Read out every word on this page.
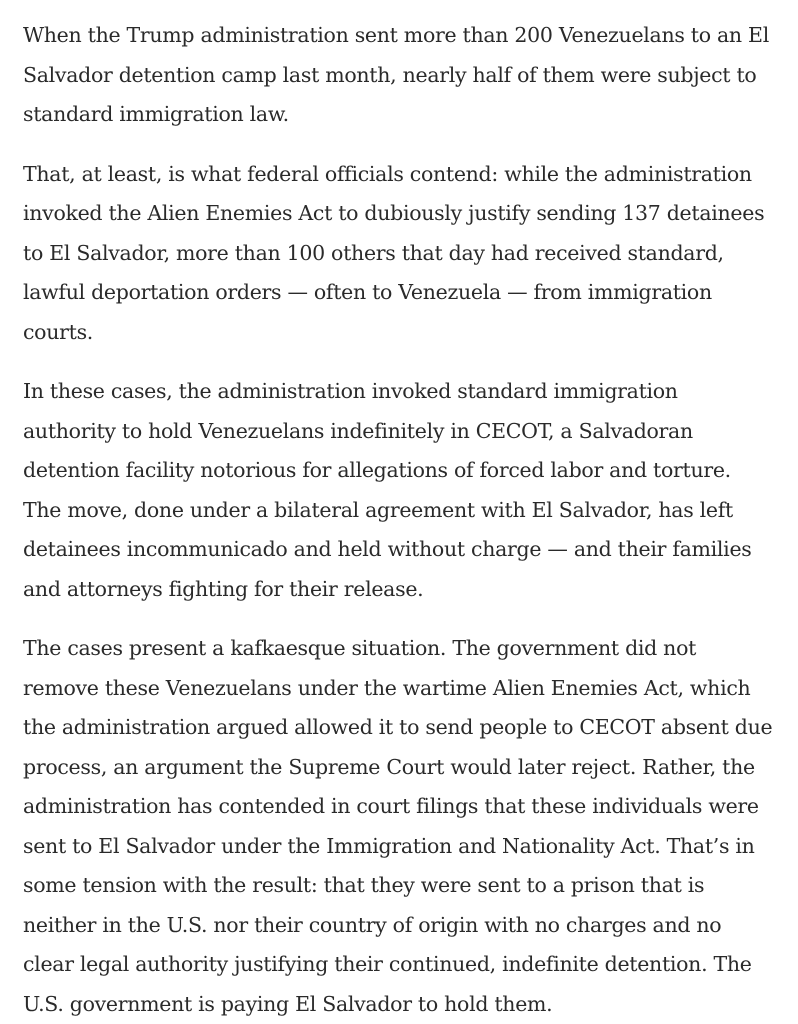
When the Trump administration sent more than 200 Venezuelans to an El Salvador detention camp last month, nearly half of them were subject to standard immigration law.

That, at least, is what federal officials contend: while the administration invoked the Alien Enemies Act to dubiously justify sending 137 detainees to El Salvador, more than 100 others that day had received standard, lawful deportation orders — often to Venezuela — from immigration courts.

In these cases, the administration invoked standard immigration authority to hold Venezuelans indefinitely in CECOT, a Salvadoran detention facility notorious for allegations of forced labor and torture. The move, done under a bilateral agreement with El Salvador, has left detainees incommunicado and held without charge — and their families and attorneys fighting for their release.

The cases present a kafkaesque situation. The government did not remove these Venezuelans under the wartime Alien Enemies Act, which the administration argued allowed it to send people to CECOT absent due process, an argument the Supreme Court would later reject. Rather, the administration has contended in court filings that these individuals were sent to El Salvador under the Immigration and Nationality Act. That’s in some tension with the result: that they were sent to a prison that is neither in the U.S. nor their country of origin with no charges and no clear legal authority justifying their continued, indefinite detention. The U.S. government is paying El Salvador to hold them.
